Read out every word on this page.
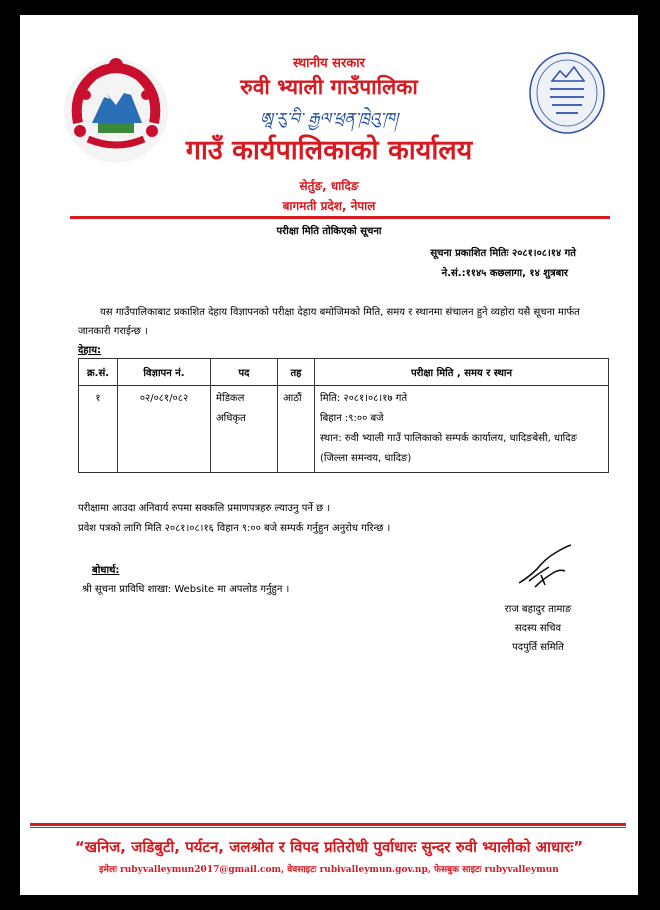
स्थानीय सरकार
रुवी भ्याली गाउँपालिका
ཨཱ་རུ་བི་ རྒྱལ་ཕྲན་ཁྲེའུ་ཁ།
गाउँ कार्यपालिकाको कार्यालय
सेर्तुङ, धादिङ
बागमती प्रदेश, नेपाल
परीक्षा मिति तोकिएको सूचना
सूचना प्रकाशित मितिः २०८१।०८।१४ गते
ने.सं.:११४५ कछलागा, १४ शुत्रबार
यस गाउँपालिकाबाट प्रकाशित देहाय विज्ञापनको परीक्षा देहाय बमोजिमको मिति, समय र स्थानमा संचालन हुने व्यहोरा यसै सूचना मार्फत जानकारी गराईन्छ ।
देहाय:
क्र.सं.	विज्ञापन नं.	पद	तह	परीक्षा मिति , समय र स्थान
१	०२/०८१/०८२	मेडिकल अधिकृत	आठौं	मिति: २०८१।०८।१७ गते
बिहान :९:०० बजे
स्थान: रुवी भ्याली गाउँ पालिकाको सम्पर्क कार्यालय, धादिङबेसी, धादिङ (जिल्ला समन्वय, धादिङ)
परीक्षामा आउदा अनिवार्य रुपमा सक्कलि प्रमाणपत्रहरु ल्याउनु पर्ने छ ।
प्रवेश पत्रको लागि मिति २०८१।०८।१६ विहान ९:०० बजे सम्पर्क गर्नुहुन अनुरोध गरिन्छ ।
बोधार्थ:
श्री सूचना प्राविधि शाखा: Website मा अपलोड गर्नुहुन ।
राज बहादुर तामाङ
सदस्य सचिव
पदपुर्ति समिति
“खनिज, जडिबुटी, पर्यटन, जलश्रोत र विपद प्रतिरोधी पुर्वाधारः सुन्दर रुवी भ्यालीको आधारः”
इमेलः rubyvalleymun2017@gmail.com, वेवसाइटः rubivalleymun.gov.np, फेसबुक साइटः rubyvalleymun
